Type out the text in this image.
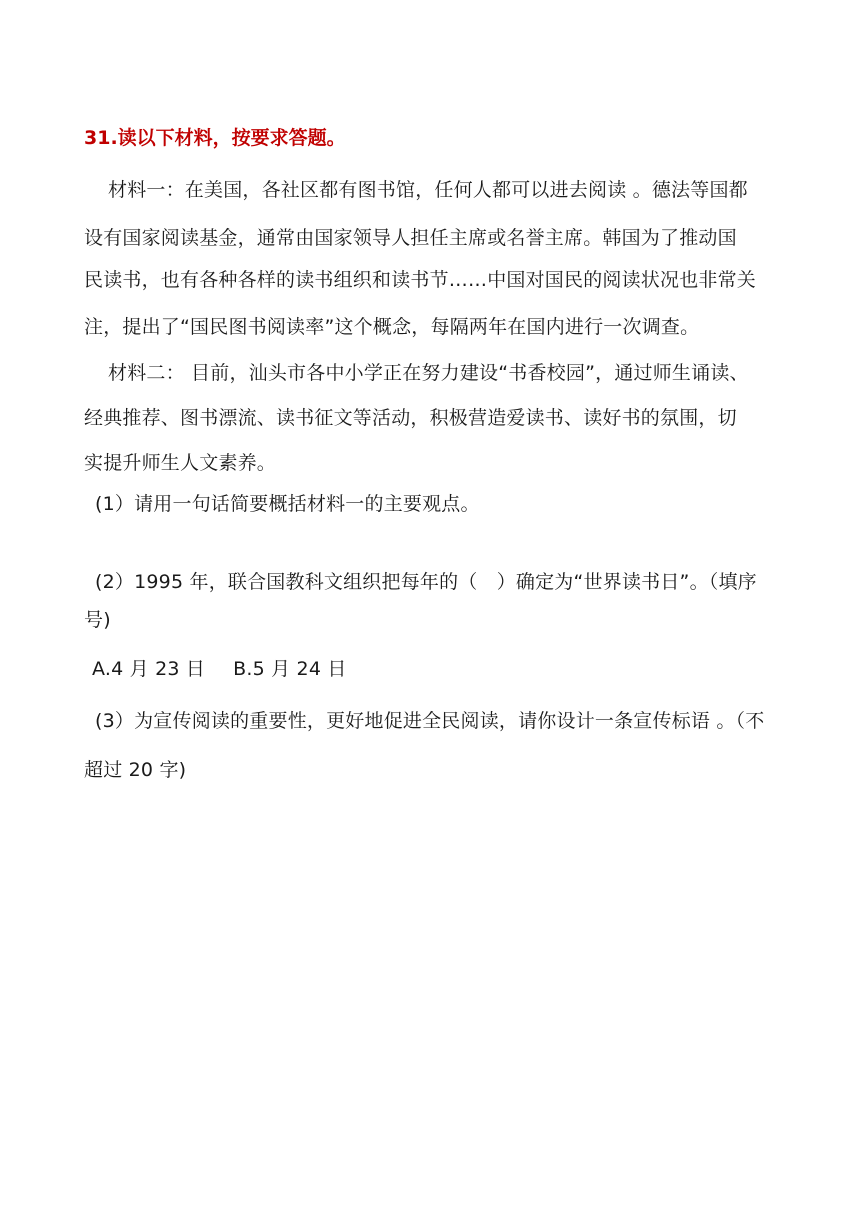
31.读以下材料，按要求答题。
材料一：在美国，各社区都有图书馆，任何人都可以进去阅读 。德法等国都
设有国家阅读基金，通常由国家领导人担任主席或名誉主席。韩国为了推动国
民读书，也有各种各样的读书组织和读书节……中国对国民的阅读状况也非常关
注，提出了“国民图书阅读率”这个概念，每隔两年在国内进行一次调查。
材料二： 目前，汕头市各中小学正在努力建设“书香校园”，通过师生诵读、
经典推荐、图书漂流、读书征文等活动，积极营造爱读书、读好书的氛围，切
实提升师生人文素养。
(1）请用一句话简要概括材料一的主要观点。
(2）1995 年，联合国教科文组织把每年的（　）确定为“世界读书日”。（填序
号)
A.4 月 23 日 B.5 月 24 日
(3）为宣传阅读的重要性，更好地促进全民阅读，请你设计一条宣传标语 。（不
超过 20 字)
